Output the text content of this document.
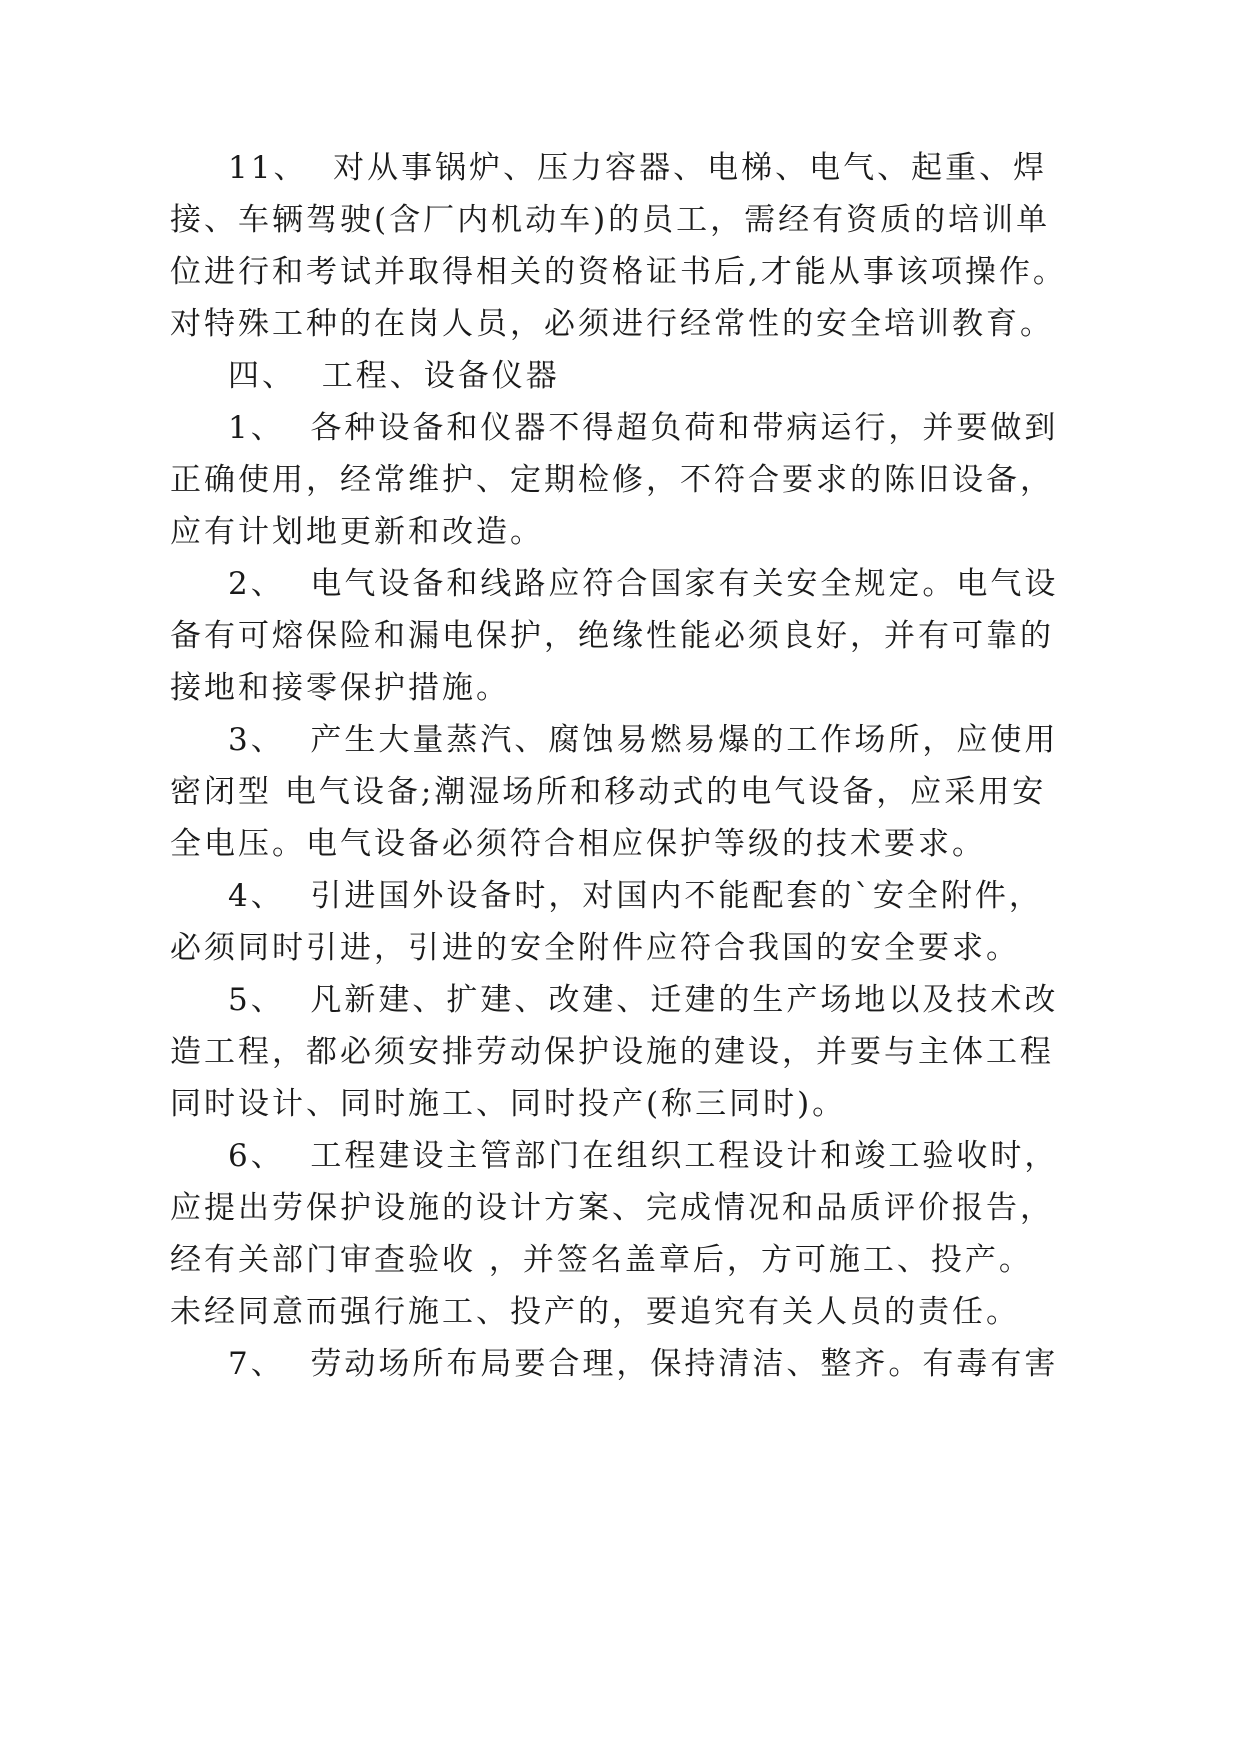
11、  对从事锅炉、压力容器、电梯、电气、起重、焊
接、车辆驾驶(含厂内机动车)的员工，需经有资质的培训单
位进行和考试并取得相关的资格证书后,才能从事该项操作。
对特殊工种的在岗人员，必须进行经常性的安全培训教育。
四、  工程、设备仪器
1、  各种设备和仪器不得超负荷和带病运行，并要做到
正确使用，经常维护、定期检修，不符合要求的陈旧设备，
应有计划地更新和改造。
2、  电气设备和线路应符合国家有关安全规定。电气设
备有可熔保险和漏电保护，绝缘性能必须良好，并有可靠的
接地和接零保护措施。
3、  产生大量蒸汽、腐蚀易燃易爆的工作场所，应使用
密闭型 电气设备;潮湿场所和移动式的电气设备，应采用安
全电压。电气设备必须符合相应保护等级的技术要求。
4、  引进国外设备时，对国内不能配套的`安全附件，
必须同时引进，引进的安全附件应符合我国的安全要求。
5、  凡新建、扩建、改建、迁建的生产场地以及技术改
造工程，都必须安排劳动保护设施的建设，并要与主体工程
同时设计、同时施工、同时投产(称三同时)。
6、  工程建设主管部门在组织工程设计和竣工验收时，
应提出劳保护设施的设计方案、完成情况和品质评价报告，
经有关部门审查验收 ，并签名盖章后，方可施工、投产。
未经同意而强行施工、投产的，要追究有关人员的责任。
7、  劳动场所布局要合理，保持清洁、整齐。有毒有害
